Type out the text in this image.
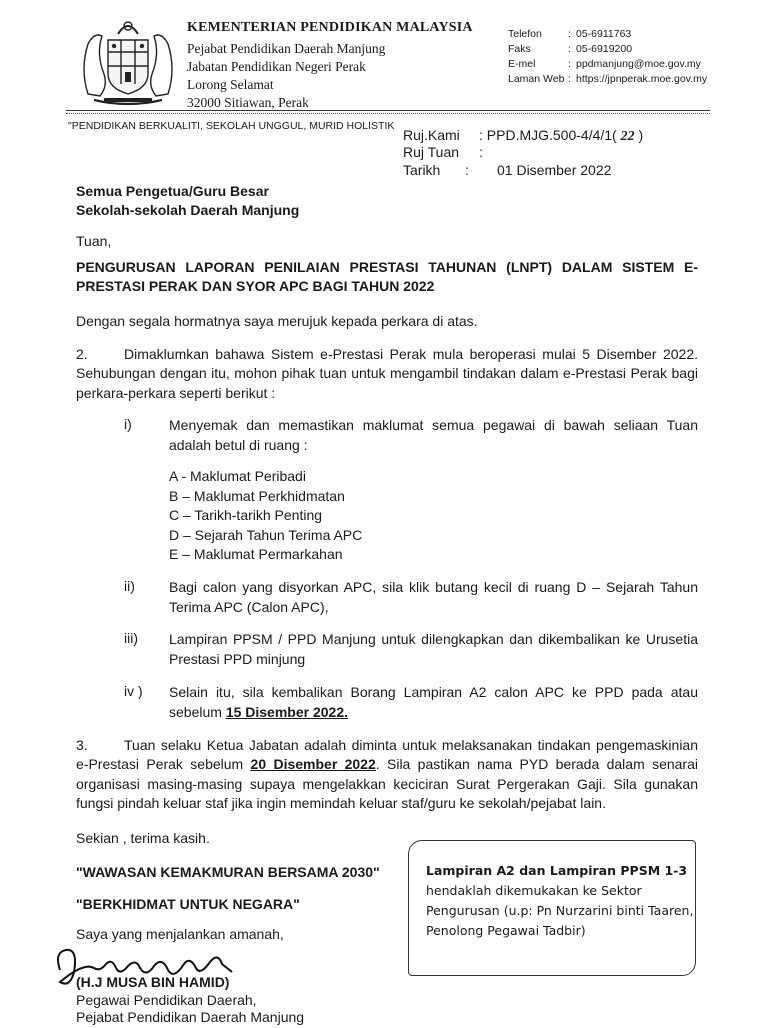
KEMENTERIAN PENDIDIKAN MALAYSIA
Pejabat Pendidikan Daerah Manjung
Jabatan Pendidikan Negeri Perak
Lorong Selamat
32000 Sitiawan, Perak
Telefon : 05-6911763
Faks	: 05-6919200
E-mel	: ppdmanjung@moe.gov.my
Laman Web : https://jpnperak.moe.gov.my
"PENDIDIKAN BERKUALITI, SEKOLAH UNGGUL, MURID HOLISTIK
Ruj.Kami : PPD.MJG.500-4/4/1( 22 )
Ruj Tuan :
Tarikh : 01 Disember 2022
Semua Pengetua/Guru Besar
Sekolah-sekolah Daerah Manjung
Tuan,
PENGURUSAN LAPORAN PENILAIAN PRESTASI TAHUNAN (LNPT) DALAM SISTEM E-
PRESTASI PERAK DAN SYOR APC BAGI TAHUN 2022
Dengan segala hormatnya saya merujuk kepada perkara di atas.
2.	Dimaklumkan bahawa Sistem e-Prestasi Perak mula beroperasi mulai 5 Disember 2022.
Sehubungan dengan itu, mohon pihak tuan untuk mengambil tindakan dalam e-Prestasi Perak bagi perkara-perkara seperti berikut :
i)	Menyemak dan memastikan maklumat semua pegawai di bawah seliaan Tuan adalah betul di ruang :
A - Maklumat Peribadi
B – Maklumat Perkhidmatan
C – Tarikh-tarikh Penting
D – Sejarah Tahun Terima APC
E – Maklumat Permarkahan
ii) Bagi calon yang disyorkan APC, sila klik butang kecil di ruang D – Sejarah Tahun Terima APC (Calon APC),
iii) Lampiran PPSM / PPD Manjung untuk dilengkapkan dan dikembalikan ke Urusetia Prestasi PPD minjung
iv ) Selain itu, sila kembalikan Borang Lampiran A2 calon APC ke PPD pada atau sebelum 15 Disember 2022.
3.	Tuan selaku Ketua Jabatan adalah diminta untuk melaksanakan tindakan pengemaskinian
e-Prestasi Perak sebelum 20 Disember 2022. Sila pastikan nama PYD berada dalam senarai organisasi masing-masing supaya mengelakkan keciciran Surat Pergerakan Gaji. Sila gunakan fungsi pindah keluar staf jika ingin memindah keluar staf/guru ke sekolah/pejabat lain.
Sekian , terima kasih.
"WAWASAN KEMAKMURAN BERSAMA 2030"
"BERKHIDMAT UNTUK NEGARA"
Saya yang menjalankan amanah,
(H.J MUSA BIN HAMID)
Pegawai Pendidikan Daerah,
Pejabat Pendidikan Daerah Manjung
Lampiran A2 dan Lampiran PPSM 1-3
hendaklah dikemukakan ke Sektor
Pengurusan (u.p: Pn Nurzarini binti Taaren,
Penolong Pegawai Tadbir)
